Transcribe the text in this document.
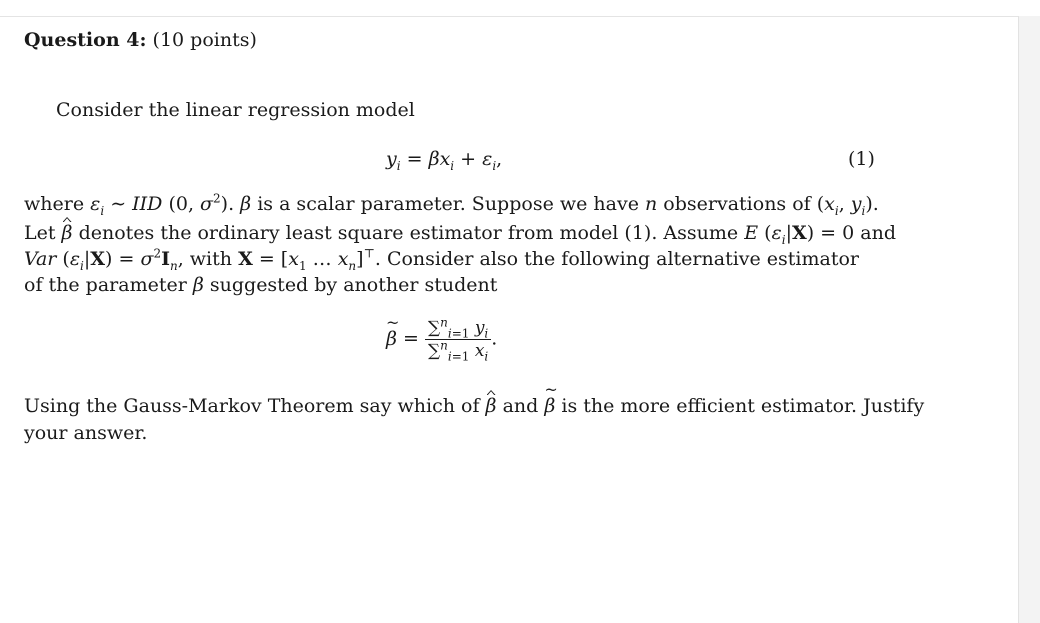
Question 4: (10 points)
Consider the linear regression model
$y_i = \beta x_i + \varepsilon_i$,	(1)
where $\varepsilon_i$ ∼ IID (0, $\sigma^2$). β is a scalar parameter. Suppose we have n observations of ($x_i$, $y_i$).
Let β denotes the ordinary least square estimator from model (1). Assume E $(\varepsilon_i|X) = 0$ and
Var $(\varepsilon_i|X) = \sigma^2I_n$, with $X = [x_1$ … $x_n]^⊤$. Consider also the following alternative estimator
of the parameter β suggested by another student
~ $\beta = \frac{\sum^n_{i=1} y_i}{\sum^n_{i=1} x_i}$ .
Using the Gauss-Markov Theorem say which of β and ~ β is the more efficient estimator. Justify
your answer.
